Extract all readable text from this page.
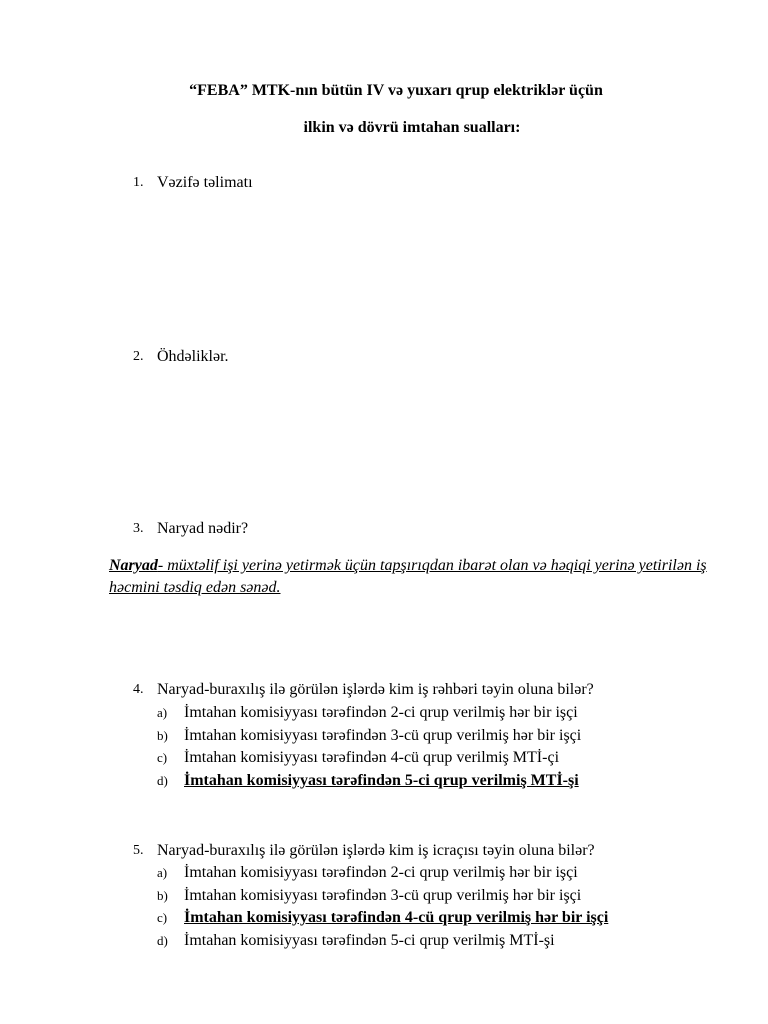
“FEBA” MTK-nın bütün IV və yuxarı qrup elektriklər üçün
ilkin və dövrü imtahan sualları:
1. Vəzifə təlimatı
2. Öhdəliklər.
3. Naryad nədir?
Naryad- müxtəlif işi yerinə yetirmək üçün tapşırıqdan ibarət olan və həqiqi yerinə yetirilən iş həcmini təsdiq edən sənəd.
4. Naryad-buraxılış ilə görülən işlərdə kim iş rəhbəri təyin oluna bilər?
a) İmtahan komisiyyası tərəfindən 2-ci qrup verilmiş hər bir işçi
b) İmtahan komisiyyası tərəfindən 3-cü qrup verilmiş hər bir işçi
c) İmtahan komisiyyası tərəfindən 4-cü qrup verilmiş MTİ-çi
d) İmtahan komisiyyası tərəfindən 5-ci qrup verilmiş MTİ-şi
5. Naryad-buraxılış ilə görülən işlərdə kim iş icraçısı təyin oluna bilər?
a) İmtahan komisiyyası tərəfindən 2-ci qrup verilmiş hər bir işçi
b) İmtahan komisiyyası tərəfindən 3-cü qrup verilmiş hər bir işçi
c) İmtahan komisiyyası tərəfindən 4-cü qrup verilmiş hər bir işçi
d) İmtahan komisiyyası tərəfindən 5-ci qrup verilmiş MTİ-şi
